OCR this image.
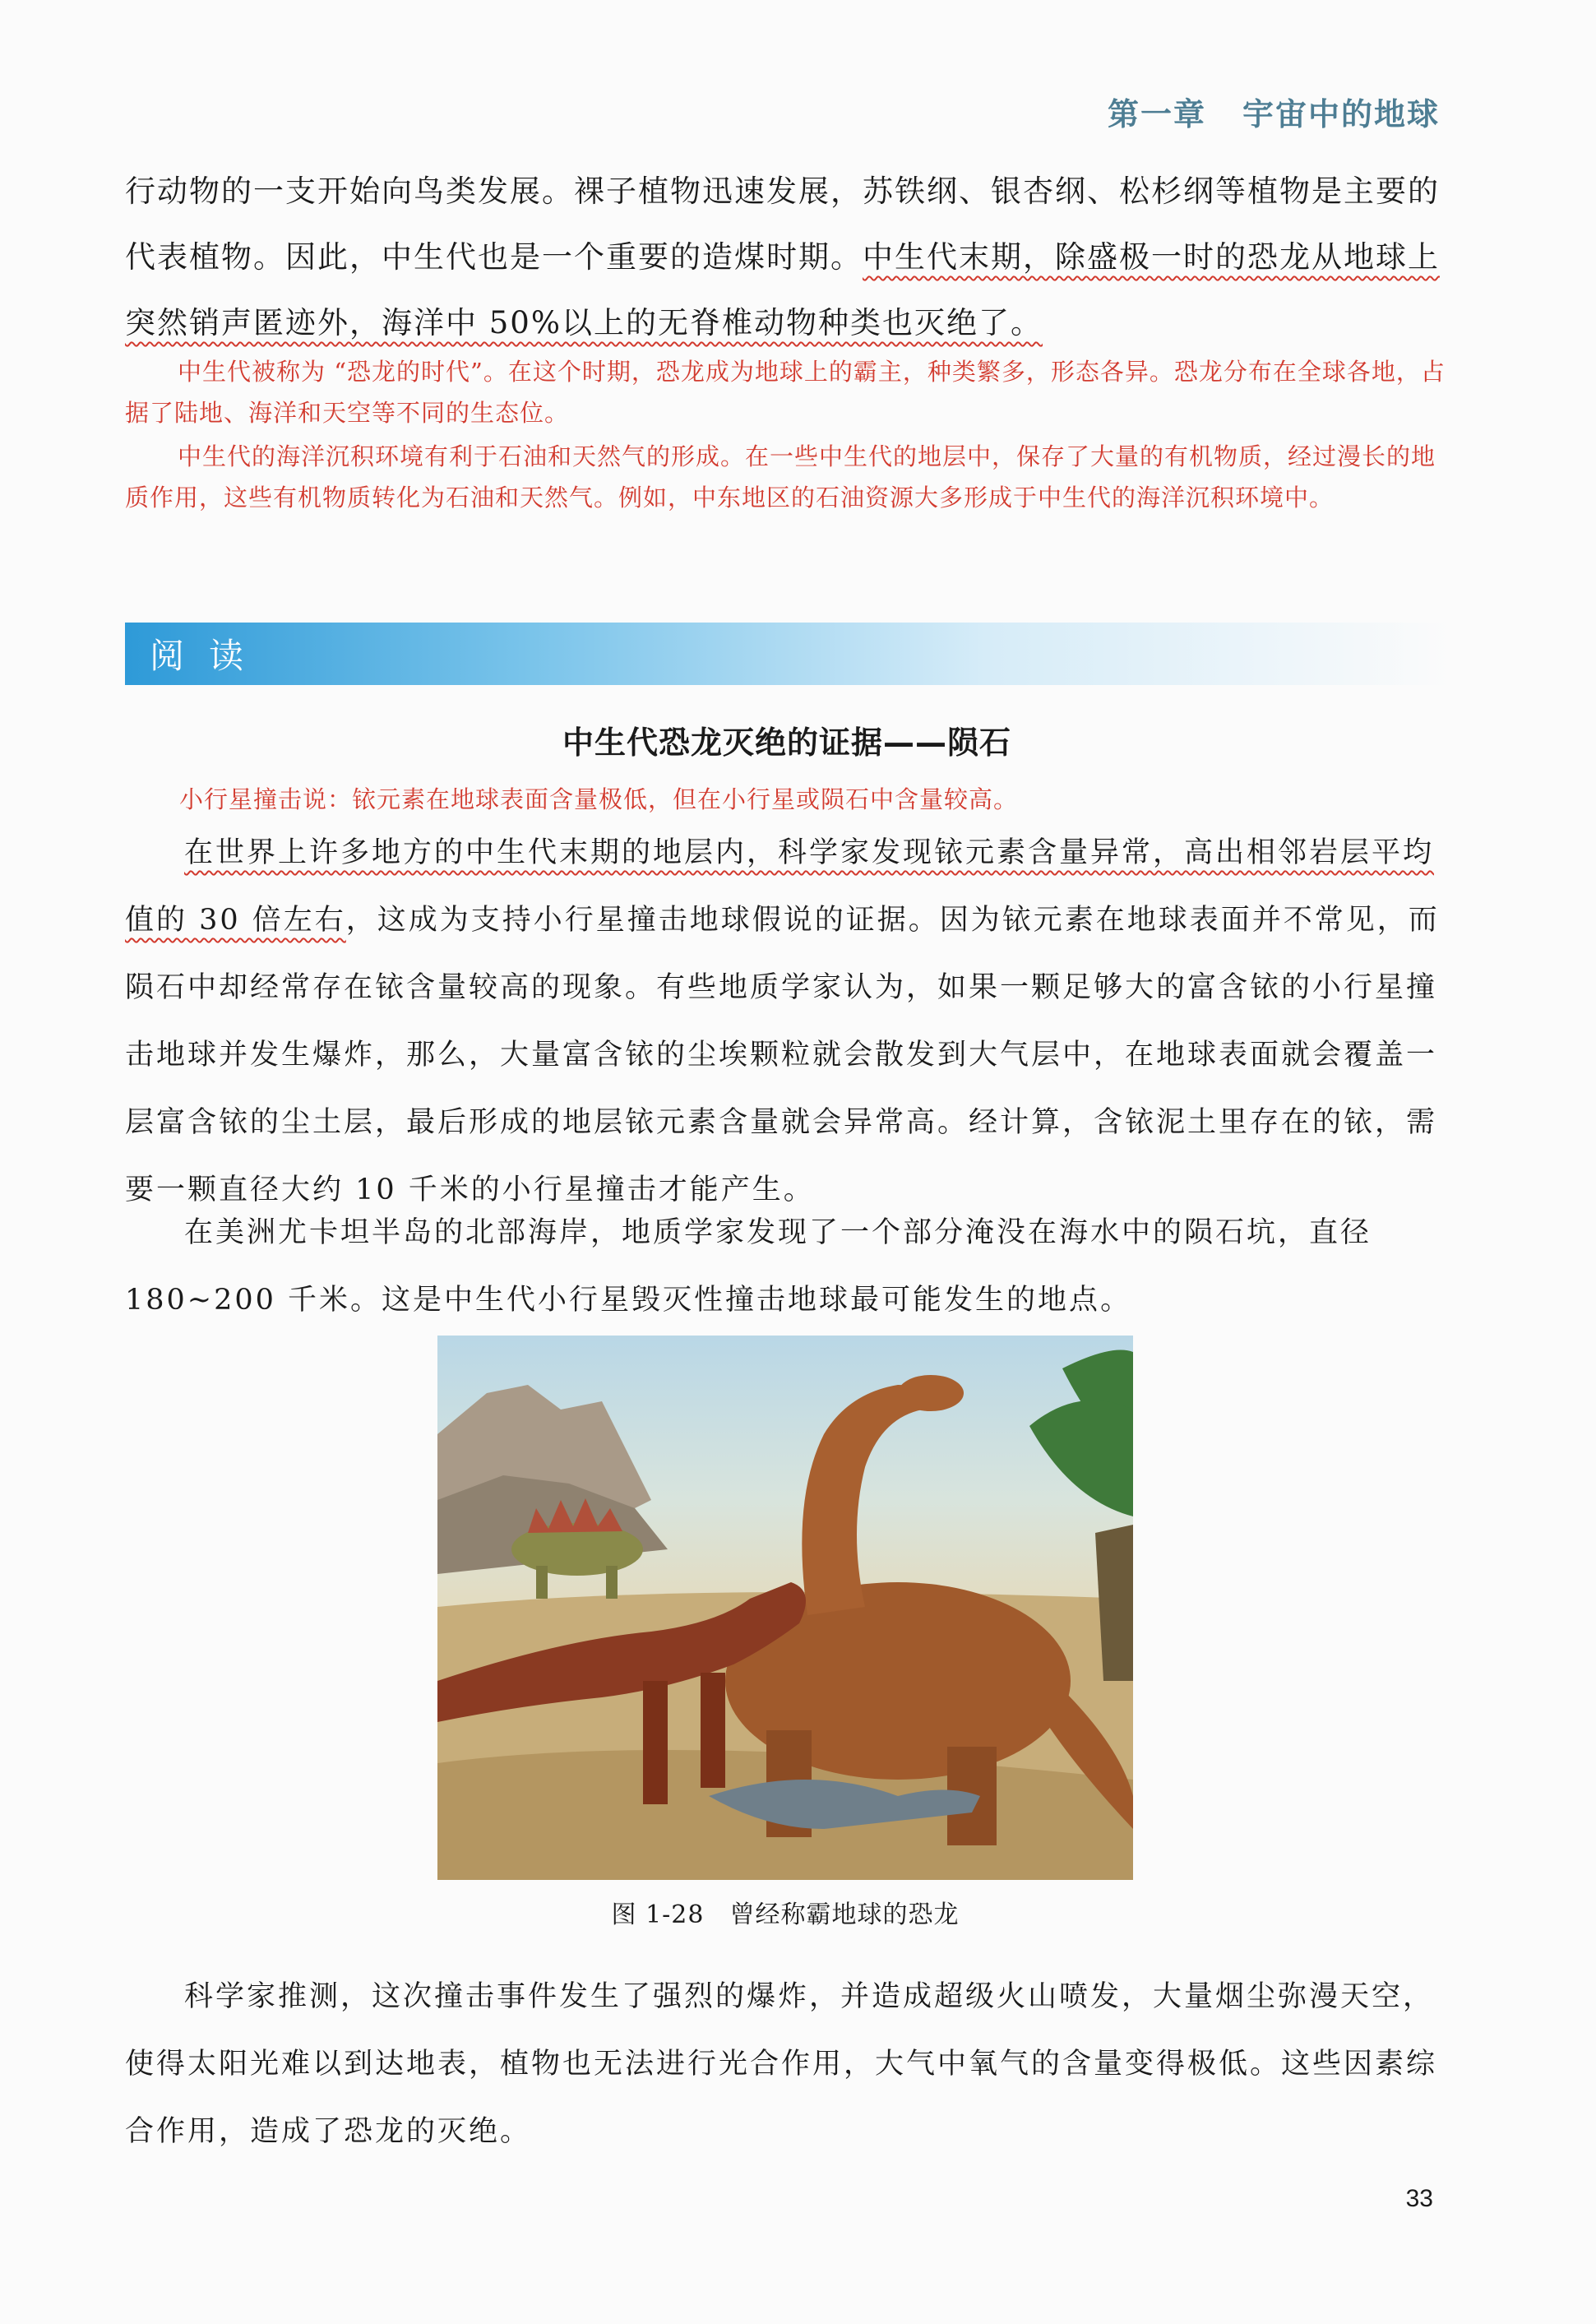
第一章 宇宙中的地球
行动物的一支开始向鸟类发展。裸子植物迅速发展，苏铁纲、银杏纲、松杉纲等植物是主要的代表植物。因此，中生代也是一个重要的造煤时期。中生代末期，除盛极一时的恐龙从地球上突然销声匿迹外，海洋中 50%以上的无脊椎动物种类也灭绝了。
中生代被称为 “恐龙的时代”。在这个时期，恐龙成为地球上的霸主，种类繁多，形态各异。恐龙分布在全球各地，占据了陆地、海洋和天空等不同的生态位。
中生代的海洋沉积环境有利于石油和天然气的形成。在一些中生代的地层中，保存了大量的有机物质，经过漫长的地质作用，这些有机物质转化为石油和天然气。例如，中东地区的石油资源大多形成于中生代的海洋沉积环境中。
阅读
中生代恐龙灭绝的证据——陨石
小行星撞击说：铱元素在地球表面含量极低，但在小行星或陨石中含量较高。
在世界上许多地方的中生代末期的地层内，科学家发现铱元素含量异常，高出相邻岩层平均值的 30 倍左右，这成为支持小行星撞击地球假说的证据。因为铱元素在地球表面并不常见，而陨石中却经常存在铱含量较高的现象。有些地质学家认为，如果一颗足够大的富含铱的小行星撞击地球并发生爆炸，那么，大量富含铱的尘埃颗粒就会散发到大气层中，在地球表面就会覆盖一层富含铱的尘土层，最后形成的地层铱元素含量就会异常高。经计算，含铱泥土里存在的铱，需要一颗直径大约 10 千米的小行星撞击才能产生。
在美洲尤卡坦半岛的北部海岸，地质学家发现了一个部分淹没在海水中的陨石坑，直径 180~200 千米。这是中生代小行星毁灭性撞击地球最可能发生的地点。
图 1-28　曾经称霸地球的恐龙
科学家推测，这次撞击事件发生了强烈的爆炸，并造成超级火山喷发，大量烟尘弥漫天空，使得太阳光难以到达地表，植物也无法进行光合作用，大气中氧气的含量变得极低。这些因素综合作用，造成了恐龙的灭绝。
33
